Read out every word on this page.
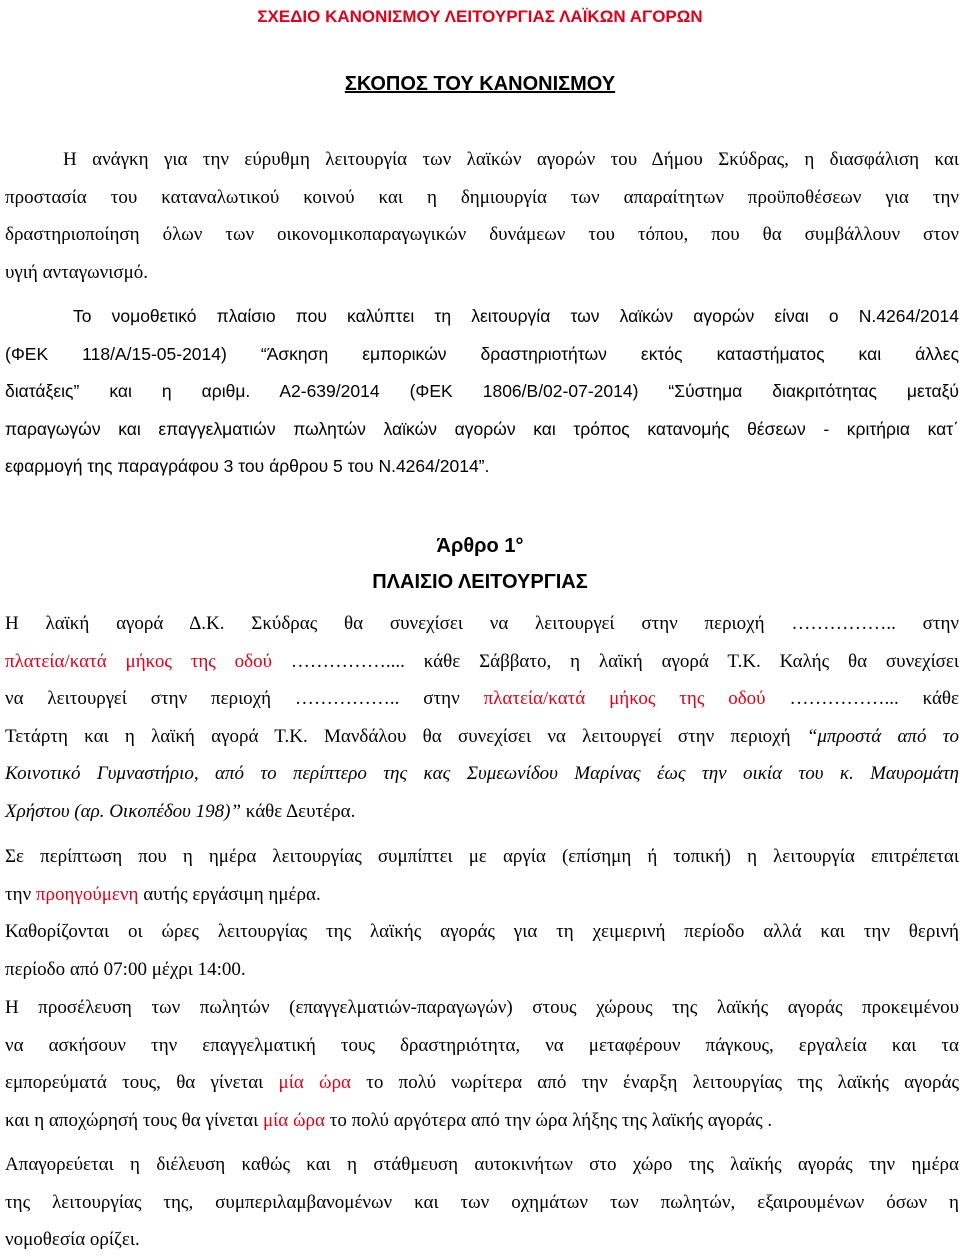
ΣΧΕΔΙΟ ΚΑΝΟΝΙΣΜΟΥ ΛΕΙΤΟΥΡΓΙΑΣ ΛΑΪΚΩΝ ΑΓΟΡΩΝ
ΣΚΟΠΟΣ ΤΟΥ ΚΑΝΟΝΙΣΜΟΥ
Η ανάγκη για την εύρυθμη λειτουργία των λαϊκών αγορών του Δήμου Σκύδρας, η διασφάλιση και
προστασία του καταναλωτικού κοινού και η δημιουργία των απαραίτητων προϋποθέσεων για την
δραστηριοποίηση όλων των οικονομικοπαραγωγικών δυνάμεων του τόπου, που θα συμβάλλουν στον
υγιή ανταγωνισμό.
Το νομοθετικό πλαίσιο που καλύπτει τη λειτουργία των λαϊκών αγορών είναι ο Ν.4264/2014
(ΦΕΚ 118/Α/15-05-2014) “Άσκηση εμπορικών δραστηριοτήτων εκτός καταστήματος και άλλες
διατάξεις” και η αριθμ. Α2-639/2014 (ΦΕΚ 1806/Β/02-07-2014) “Σύστημα διακριτότητας μεταξύ
παραγωγών και επαγγελματιών πωλητών λαϊκών αγορών και τρόπος κατανομής θέσεων - κριτήρια κατ΄
εφαρμογή της παραγράφου 3 του άρθρου 5 του Ν.4264/2014”.
Άρθρο 1°
ΠΛΑΙΣΙΟ ΛΕΙΤΟΥΡΓΙΑΣ
Η λαϊκή αγορά Δ.Κ. Σκύδρας θα συνεχίσει να λειτουργεί στην περιοχή …………….. στην
πλατεία/κατά μήκος της οδού …………….... κάθε Σάββατο, η λαϊκή αγορά Τ.Κ. Καλής θα συνεχίσει
να λειτουργεί στην περιοχή …………….. στην πλατεία/κατά μήκος της οδού ……………... κάθε
Τετάρτη και η λαϊκή αγορά Τ.Κ. Μανδάλου θα συνεχίσει να λειτουργεί στην περιοχή “μπροστά από το
Κοινοτικό Γυμναστήριο, από το περίπτερο της κας Συμεωνίδου Μαρίνας έως την οικία του κ. Μαυρομάτη
Χρήστου (αρ. Οικοπέδου 198)” κάθε Δευτέρα.
Σε περίπτωση που η ημέρα λειτουργίας συμπίπτει με αργία (επίσημη ή τοπική) η λειτουργία επιτρέπεται
την προηγούμενη αυτής εργάσιμη ημέρα.
Καθορίζονται οι ώρες λειτουργίας της λαϊκής αγοράς για τη χειμερινή περίοδο αλλά και την θερινή
περίοδο από 07:00 μέχρι 14:00.
Η προσέλευση των πωλητών (επαγγελματιών-παραγωγών) στους χώρους της λαϊκής αγοράς προκειμένου
να ασκήσουν την επαγγελματική τους δραστηριότητα, να μεταφέρουν πάγκους, εργαλεία και τα
εμπορεύματά τους, θα γίνεται μία ώρα το πολύ νωρίτερα από την έναρξη λειτουργίας της λαϊκής αγοράς
και η αποχώρησή τους θα γίνεται μία ώρα το πολύ αργότερα από την ώρα λήξης της λαϊκής αγοράς .
Απαγορεύεται η διέλευση καθώς και η στάθμευση αυτοκινήτων στο χώρο της λαϊκής αγοράς την ημέρα
της λειτουργίας της, συμπεριλαμβανομένων και των οχημάτων των πωλητών, εξαιρουμένων όσων η
νομοθεσία ορίζει.
